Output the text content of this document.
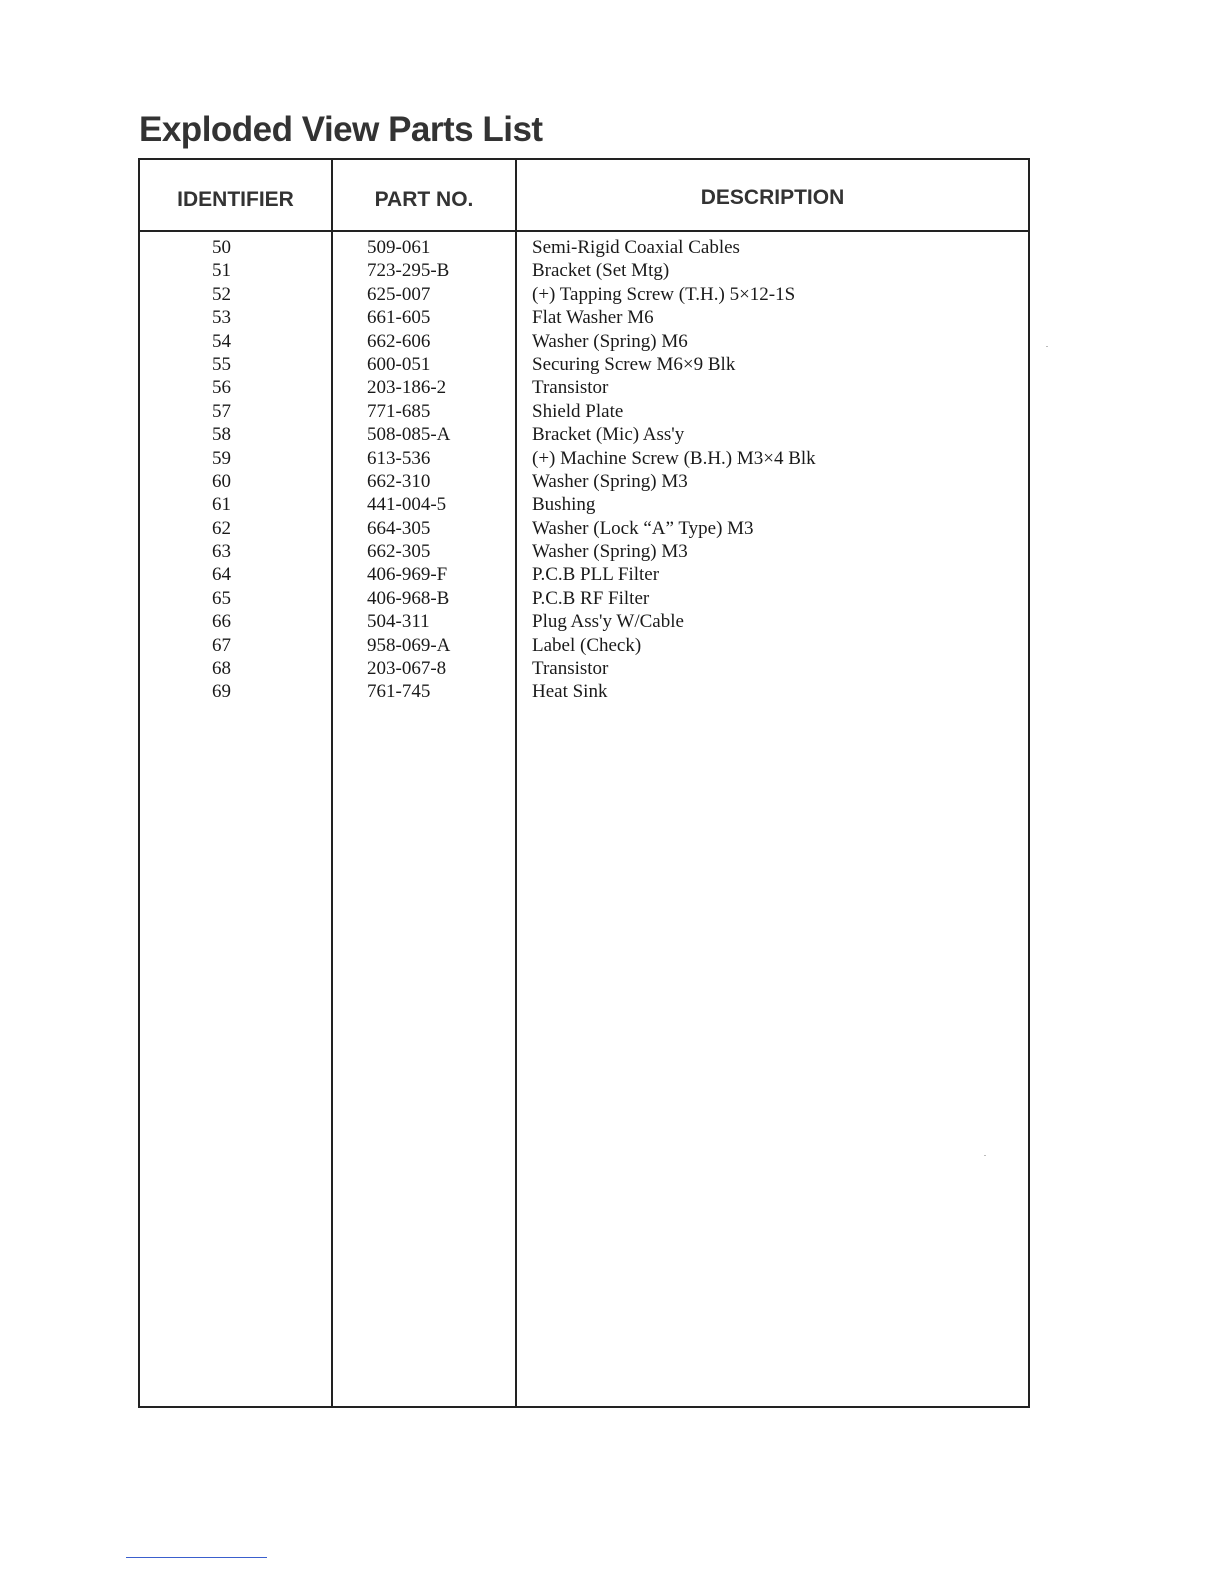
Exploded View Parts List
IDENTIFIER	PART NO.	DESCRIPTION
50	509-061	Semi-Rigid Coaxial Cables
51	723-295-B	Bracket (Set Mtg)
52	625-007	(+) Tapping Screw (T.H.) 5×12-1S
53	661-605	Flat Washer M6
54	662-606	Washer (Spring) M6
55	600-051	Securing Screw M6×9 Blk
56	203-186-2	Transistor
57	771-685	Shield Plate
58	508-085-A	Bracket (Mic) Ass'y
59	613-536	(+) Machine Screw (B.H.) M3×4 Blk
60	662-310	Washer (Spring) M3
61	441-004-5	Bushing
62	664-305	Washer (Lock “A” Type) M3
63	662-305	Washer (Spring) M3
64	406-969-F	P.C.B PLL Filter
65	406-968-B	P.C.B RF Filter
66	504-311	Plug Ass'y W/Cable
67	958-069-A	Label (Check)
68	203-067-8	Transistor
69	761-745	Heat Sink
